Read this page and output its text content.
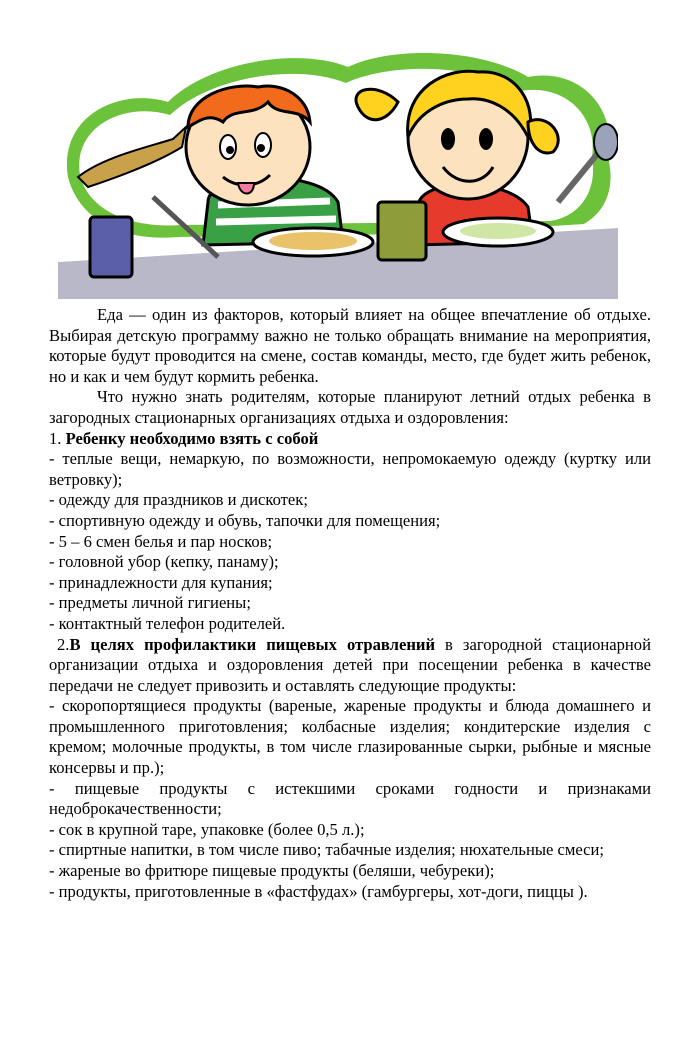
Еда — один из факторов, который влияет на общее впечатление об отдыхе. Выбирая детскую программу важно не только обращать внимание на мероприятия, которые будут проводится на смене, состав команды, место, где будет жить ребенок, но и как и чем будут кормить ребенка.

Что нужно знать родителям, которые планируют летний отдых ребенка в загородных стационарных организациях отдыха и оздоровления:

1. Ребенку необходимо взять с собой

- теплые вещи, немаркую, по возможности, непромокаемую одежду (куртку или ветровку);

- одежду для праздников и дискотек;

- спортивную одежду и обувь, тапочки для помещения;

- 5 – 6 смен белья и пар носков;

- головной убор (кепку, панаму);

- принадлежности для купания;

- предметы личной гигиены;

- контактный телефон родителей.

2.В целях профилактики пищевых отравлений в загородной стационарной организации отдыха и оздоровления детей при посещении ребенка в качестве передачи не следует привозить и оставлять следующие продукты:

- скоропортящиеся продукты (вареные, жареные продукты и блюда домашнего и промышленного приготовления; колбасные изделия; кондитерские изделия с кремом; молочные продукты, в том числе глазированные сырки, рыбные и мясные консервы и пр.);

- пищевые продукты с истекшими сроками годности и признаками недоброкачественности;

- сок в крупной таре, упаковке (более 0,5 л.);

- спиртные напитки, в том числе пиво; табачные изделия; нюхательные смеси;

- жареные во фритюре пищевые продукты (беляши, чебуреки);

- продукты, приготовленные в «фастфудах» (гамбургеры, хот-доги, пиццы ).
